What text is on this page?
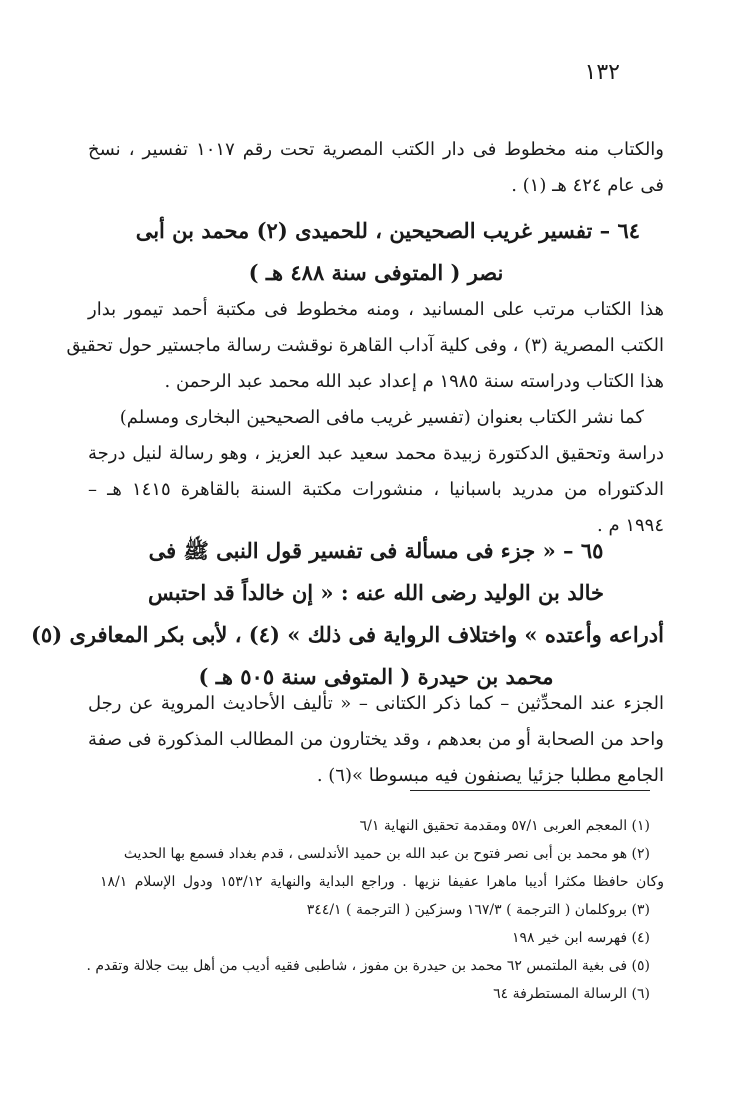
١٣٢
والكتاب منه مخطوط فى دار الكتب المصرية تحت رقم ١٠١٧ تفسير ، نسخ
فى عام ٤٢٤ هـ (١) .
٦٤ – تفسير غريب الصحيحين ، للحميدى (٢) محمد بن أبى
نصر ( المتوفى سنة ٤٨٨ هـ )
هذا الكتاب مرتب على المسانيد ، ومنه مخطوط فى مكتبة أحمد تيمور بدار
الكتب المصرية (٣) ، وفى كلية آداب القاهرة نوقشت رسالة ماجستير حول تحقيق
هذا الكتاب ودراسته سنة ١٩٨٥ م إعداد عبد الله محمد عبد الرحمن .
كما نشر الكتاب بعنوان (تفسير غريب مافى الصحيحين البخارى ومسلم)
دراسة وتحقيق الدكتورة زبيدة محمد سعيد عبد العزيز ، وهو رسالة لنيل درجة
الدكتوراه من مدريد باسبانيا ، منشورات مكتبة السنة بالقاهرة ١٤١٥ هـ –
١٩٩٤ م .
٦٥ – « جزء فى مسألة فى تفسير قول النبى ﷺ فى
خالد بن الوليد رضى الله عنه : « إن خالداً قد احتبس
أدراعه وأعتده » واختلاف الرواية فى ذلك » (٤) ، لأبى بكر المعافرى (٥)
محمد بن حيدرة ( المتوفى سنة ٥٠٥ هـ )
الجزء عند المحدِّثين – كما ذكر الكتانى – « تأليف الأحاديث المروية عن رجل
واحد من الصحابة أو من بعدهم ، وقد يختارون من المطالب المذكورة فى صفة
الجامع مطلبا جزئيا يصنفون فيه مبسوطا »(٦) .
(١) المعجم العربى ٥٧/١ ومقدمة تحقيق النهاية ٦/١
(٢) هو محمد بن أبى نصر فتوح بن عبد الله بن حميد الأندلسى ، قدم بغداد فسمع بها الحديث
وكان حافظا مكثرا أديبا ماهرا عفيفا نزيها . وراجع البداية والنهاية ١٥٣/١٢ ودول الإسلام ١٨/١
(٣) بروكلمان ( الترجمة ) ١٦٧/٣ وسزكين ( الترجمة ) ٣٤٤/١
(٤) فهرسه ابن خير ١٩٨
(٥) فى بغية الملتمس ٦٢ محمد بن حيدرة بن مفوز ، شاطبى فقيه أديب من أهل بيت جلالة وتقدم .
(٦) الرسالة المستطرفة ٦٤
